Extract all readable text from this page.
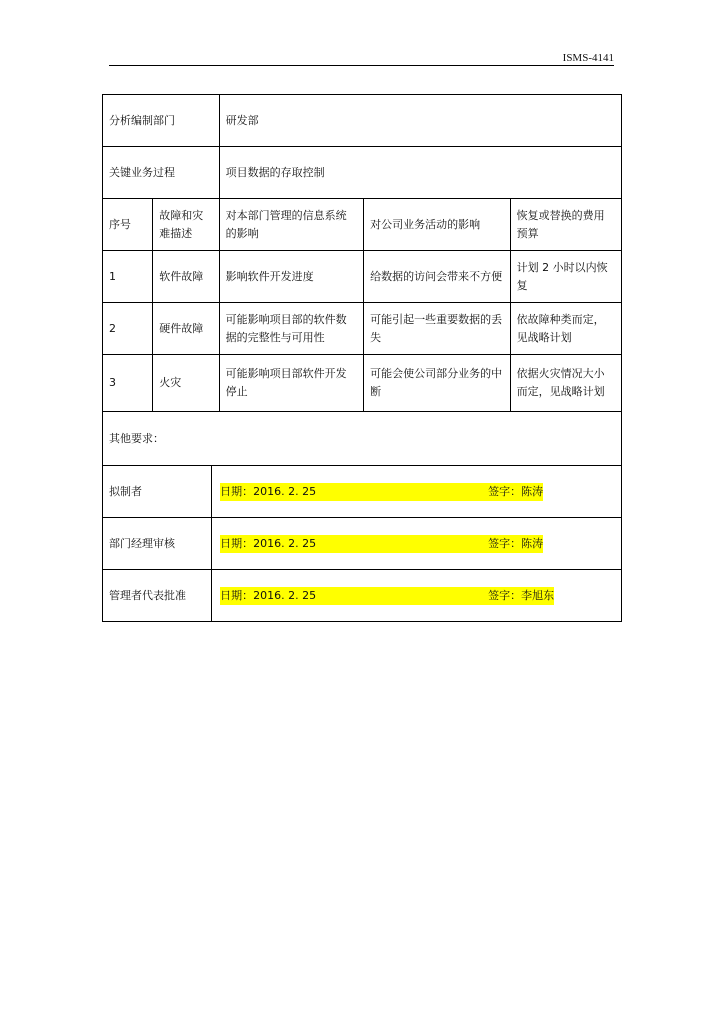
ISMS-4141
分析编制部门			研发部		
关键业务过程			项目数据的存取控制		
序号	故障和灾难描述		对本部门管理的信息系统的影响	对公司业务活动的影响	恢复或替换的费用预算
1	软件故障		影响软件开发进度	给数据的访问会带来不方便	计划 2 小时以内恢复
2	硬件故障		可能影响项目部的软件数据的完整性与可用性	可能引起一些重要数据的丢失	依故障种类而定，见战略计划
3	火灾		可能影响项目部软件开发停止	可能会使公司部分业务的中断	依据火灾情况大小而定，见战略计划
其他要求：					
拟制者		日期：2016. 2. 25 签字：陈涛			

部门经理审核		日期：2016. 2. 25 签字：陈涛			

管理者代表批准		日期：2016. 2. 25 签字：李旭东			
